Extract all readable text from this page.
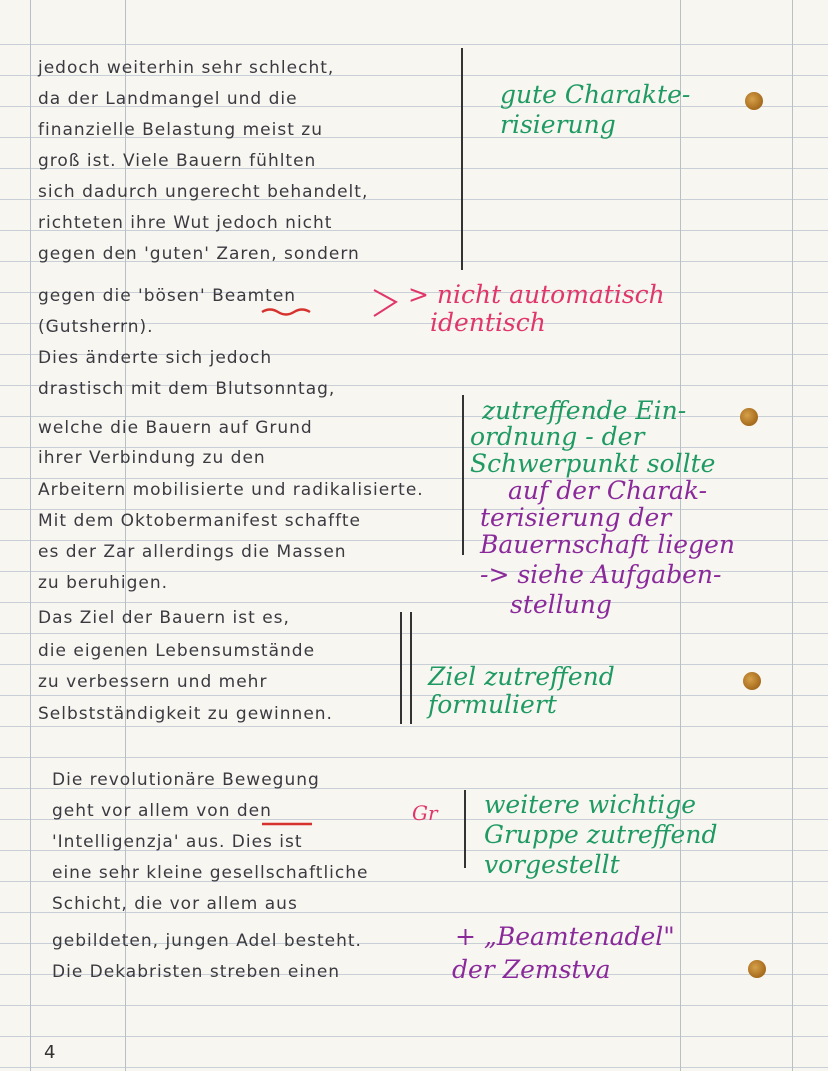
jedoch weiterhin sehr schlecht,
da der Landmangel und die
finanzielle Belastung meist zu
groß ist. Viele Bauern fühlten
sich dadurch ungerecht behandelt,
richteten ihre Wut jedoch nicht
gegen den 'guten' Zaren, sondern
gegen die 'bösen' Beamten
(Gutsherrn).
Dies änderte sich jedoch
drastisch mit dem Blutsonntag,
welche die Bauern auf Grund
ihrer Verbindung zu den
Arbeitern mobilisierte und radikalisierte.
Mit dem Oktobermanifest schaffte
es der Zar allerdings die Massen
zu beruhigen.
Das Ziel der Bauern ist es,
die eigenen Lebensumstände
zu verbessern und mehr
Selbstständigkeit zu gewinnen.
Die revolutionäre Bewegung
geht vor allem von den
'Intelligenzja' aus. Dies ist
eine sehr kleine gesellschaftliche
Schicht, die vor allem aus
gebildeten, jungen Adel besteht.
Die Dekabristen streben einen
gute Charakte-
risierung
> nicht automatisch
identisch
zutreffende Ein-
ordnung - der
Schwerpunkt sollte
auf der Charak-
terisierung der
Bauernschaft liegen
-> siehe Aufgaben-
stellung
Ziel zutreffend
formuliert
Gr weitere wichtige
Gruppe zutreffend
vorgestellt
+ „Beamtenadel"
der Zemstva
4
